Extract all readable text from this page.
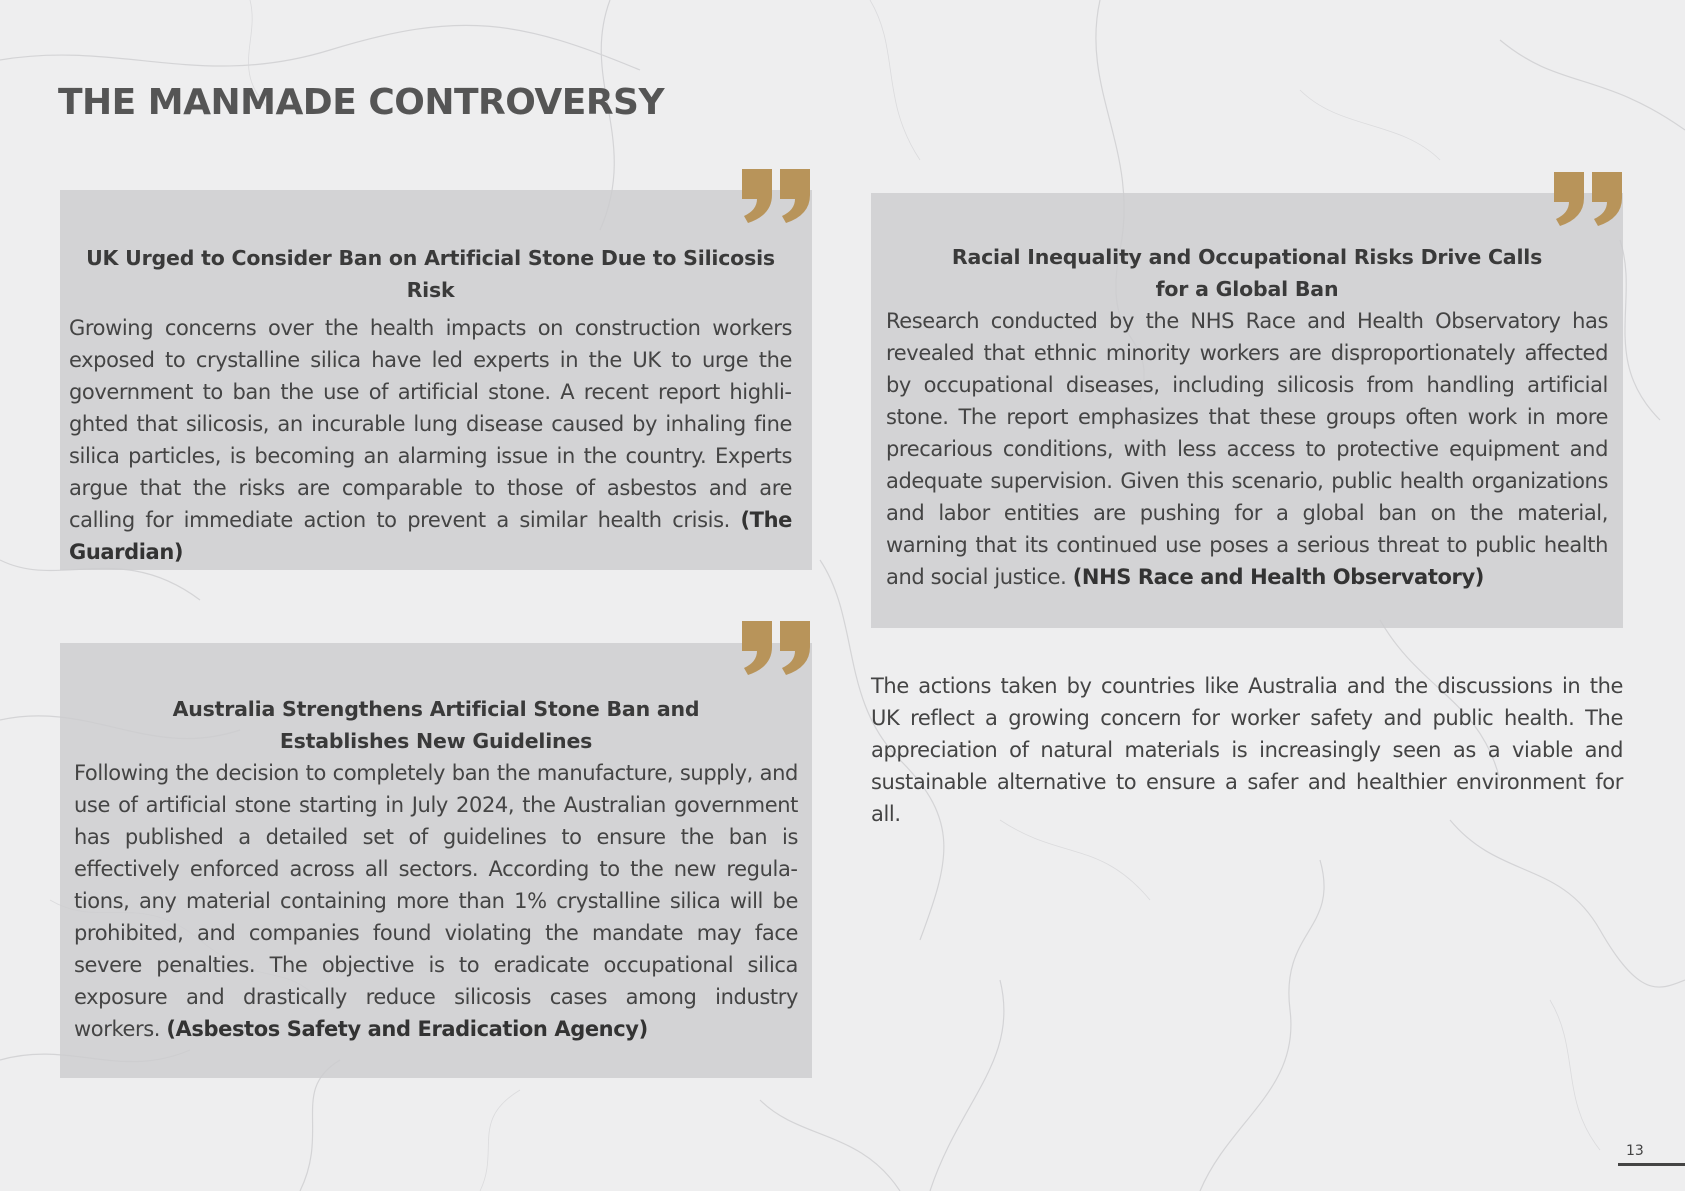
THE MANMADE CONTROVERSY
UK Urged to Consider Ban on Artificial Stone Due to Silicosis Risk

Growing concerns over the health impacts on construction workers exposed to crystalline silica have led experts in the UK to urge the government to ban the use of artificial stone. A recent report highlighted that silicosis, an incurable lung disease caused by inhaling fine silica particles, is becoming an alarming issue in the country. Experts argue that the risks are comparable to those of asbestos and are calling for immediate action to prevent a similar health crisis. (The Guardian)

Racial Inequality and Occupational Risks Drive Calls for a Global Ban

Research conducted by the NHS Race and Health Observatory has revealed that ethnic minority workers are disproportionately affected by occupational diseases, including silicosis from handling artificial stone. The report emphasizes that these groups often work in more precarious conditions, with less access to protective equipment and adequate supervision. Given this scenario, public health organizations and labor entities are pushing for a global ban on the material, warning that its continued use poses a serious threat to public health and social justice. (NHS Race and Health Observatory)

Australia Strengthens Artificial Stone Ban and Establishes New Guidelines

Following the decision to completely ban the manufacture, supply, and use of artificial stone starting in July 2024, the Australian government has published a detailed set of guidelines to ensure the ban is effectively enforced across all sectors. According to the new regulations, any material containing more than 1% crystalline silica will be prohibited, and companies found violating the mandate may face severe penalties. The objective is to eradicate occupational silica exposure and drastically reduce silicosis cases among industry workers. (Asbestos Safety and Eradication Agency)

The actions taken by countries like Australia and the discussions in the UK reflect a growing concern for worker safety and public health. The appreciation of natural materials is increasingly seen as a viable and sustainable alternative to ensure a safer and healthier environment for all.

13
